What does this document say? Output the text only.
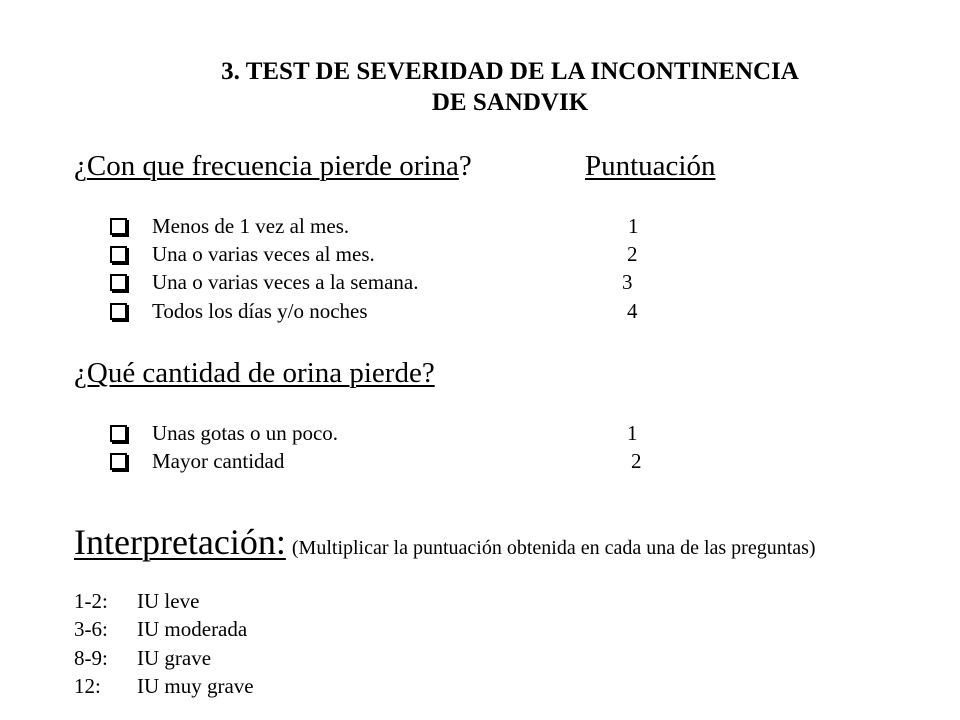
3. TEST DE SEVERIDAD DE LA INCONTINENCIA
DE SANDVIK
¿Con que frecuencia pierde orina?	Puntuación
Menos de 1 vez al mes.	1
Una o varias veces al mes.	2
Una o varias veces a la semana.	3
Todos los días y/o noches	4
¿Qué cantidad de orina pierde?
Unas gotas o un poco.	1
Mayor cantidad	2
Interpretación: (Multiplicar la puntuación obtenida en cada una de las preguntas)
1-2: IU leve
3-6: IU moderada
8-9: IU grave
12: IU muy grave
